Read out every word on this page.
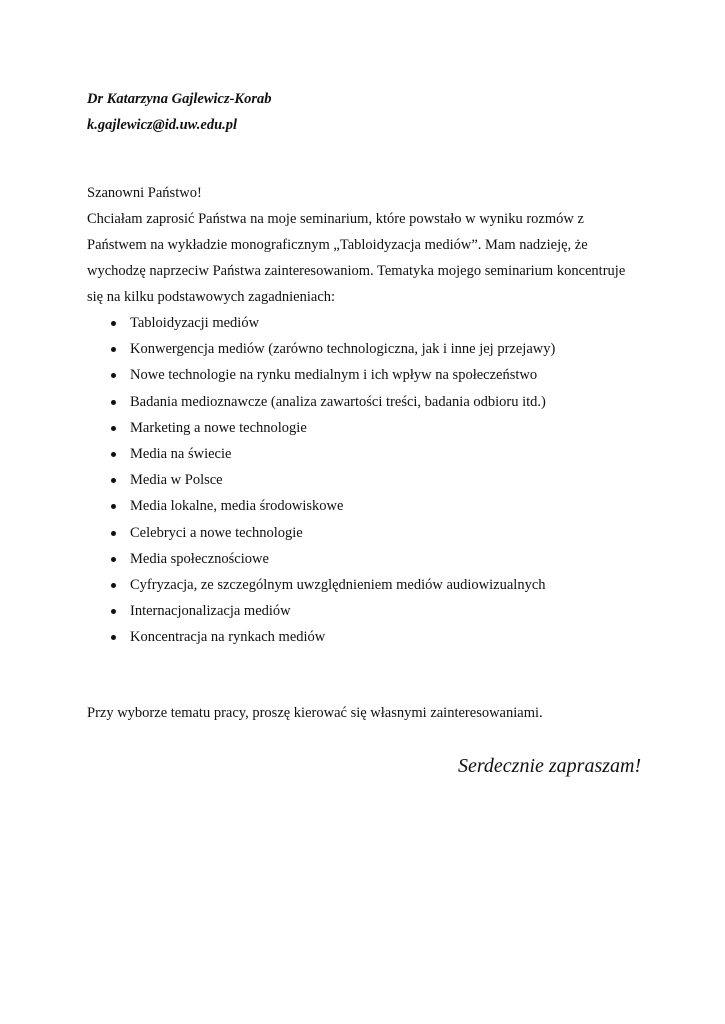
Dr Katarzyna Gajlewicz-Korab
k.gajlewicz@id.uw.edu.pl

Szanowni Państwo!

Chciałam zaprosić Państwa na moje seminarium, które powstało w wyniku rozmów z
Państwem na wykładzie monograficznym „Tabloidyzacja mediów”. Mam nadzieję, że
wychodzę naprzeciw Państwa zainteresowaniom. Tematyka mojego seminarium koncentruje
się na kilku podstawowych zagadnieniach:

Tabloidyzacji mediów
Konwergencja mediów (zarówno technologiczna, jak i inne jej przejawy)
Nowe technologie na rynku medialnym i ich wpływ na społeczeństwo
Badania medioznawcze (analiza zawartości treści, badania odbioru itd.)
Marketing a nowe technologie
Media na świecie
Media w Polsce
Media lokalne, media środowiskowe
Celebryci a nowe technologie
Media społecznościowe
Cyfryzacja, ze szczególnym uwzględnieniem mediów audiowizualnych
Internacjonalizacja mediów
Koncentracja na rynkach mediów

Przy wyborze tematu pracy, proszę kierować się własnymi zainteresowaniami.

Serdecznie zapraszam!
